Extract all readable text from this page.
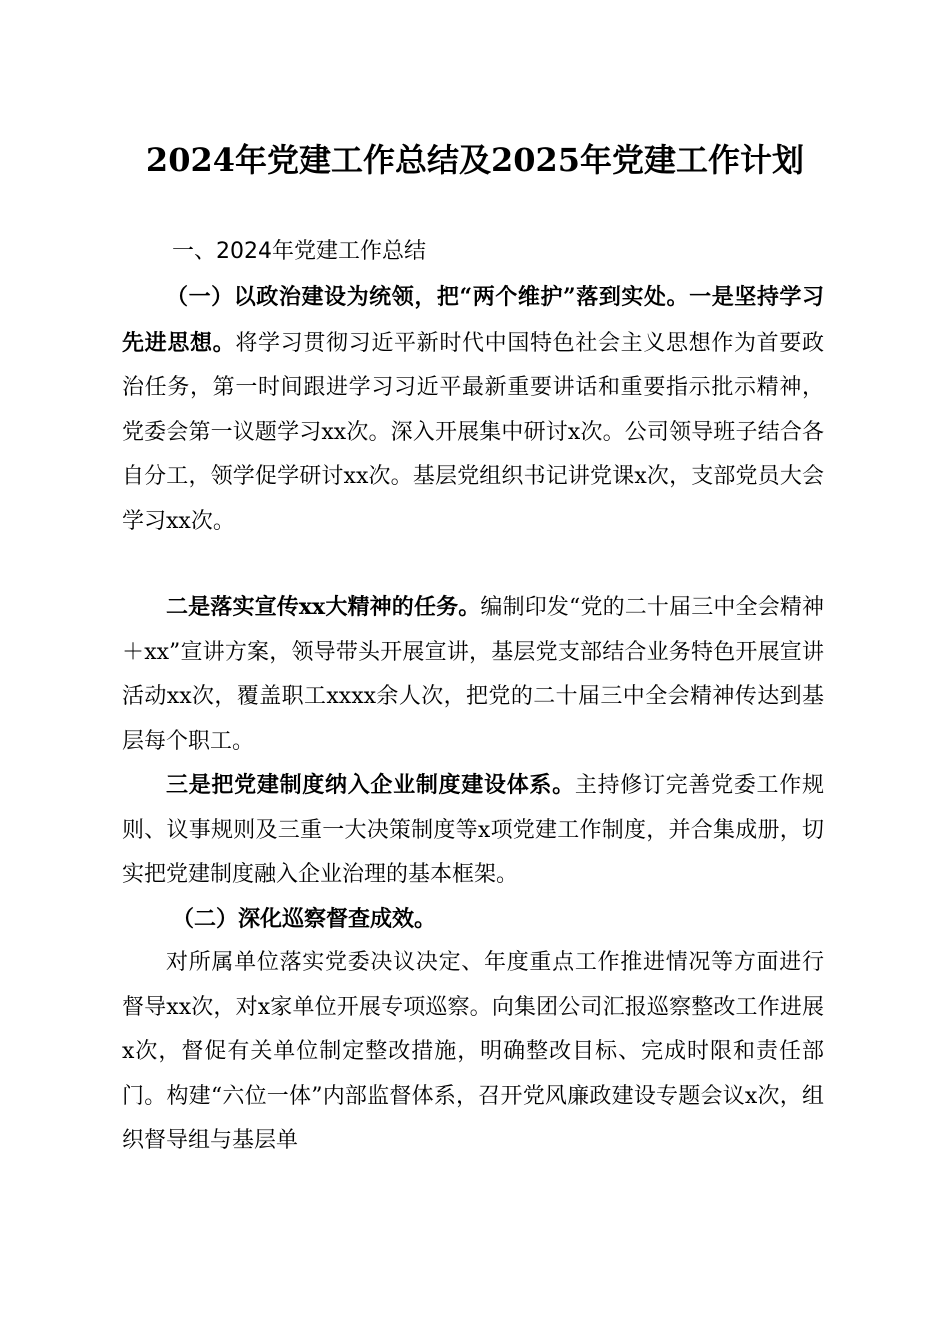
2024年党建工作总结及2025年党建工作计划
一、2024年党建工作总结
（一）以政治建设为统领，把“两个维护”落到实处。一是坚持学习先进思想。将学习贯彻习近平新时代中国特色社会主义思想作为首要政治任务，第一时间跟进学习习近平最新重要讲话和重要指示批示精神，党委会第一议题学习xx次。深入开展集中研讨x次。公司领导班子结合各自分工，领学促学研讨xx次。基层党组织书记讲党课x次，支部党员大会学习xx次。
二是落实宣传xx大精神的任务。编制印发“党的二十届三中全会精神＋xx”宣讲方案，领导带头开展宣讲，基层党支部结合业务特色开展宣讲活动xx次，覆盖职工xxxx余人次，把党的二十届三中全会精神传达到基层每个职工。
三是把党建制度纳入企业制度建设体系。主持修订完善党委工作规则、议事规则及三重一大决策制度等x项党建工作制度，并合集成册，切实把党建制度融入企业治理的基本框架。
（二）深化巡察督查成效。
对所属单位落实党委决议决定、年度重点工作推进情况等方面进行督导xx次，对x家单位开展专项巡察。向集团公司汇报巡察整改工作进展x次，督促有关单位制定整改措施，明确整改目标、完成时限和责任部门。构建“六位一体”内部监督体系，召开党风廉政建设专题会议x次，组织督导组与基层单
